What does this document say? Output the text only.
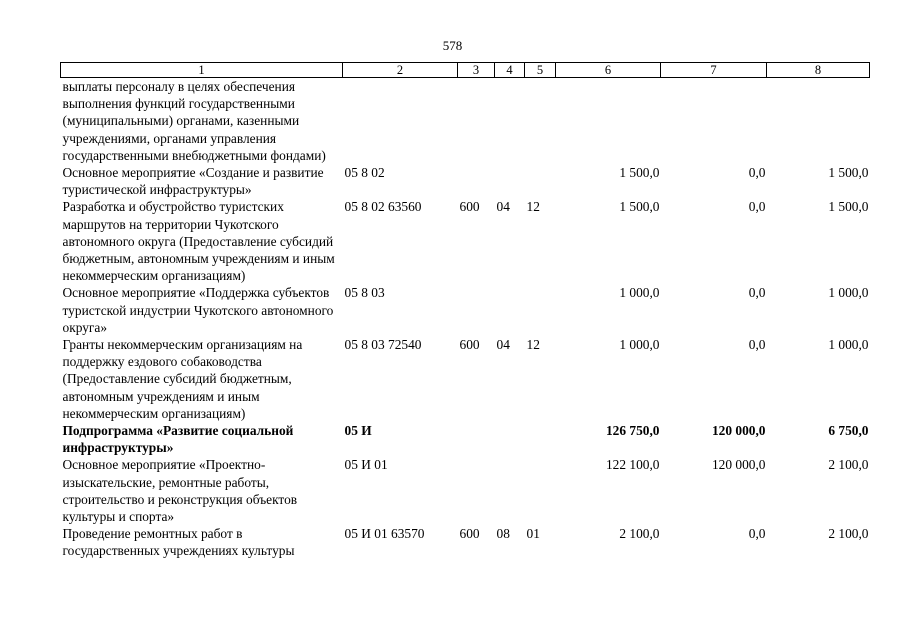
578
1	2	3	4	5	6	7	8
выплаты персоналу в целях обеспечения выполнения функций государственными (муниципальными) органами, казенными учреждениями, органами управления государственными внебюджетными фондами)							
Основное мероприятие «Создание и развитие туристической инфраструктуры»	05 8 02				1 500,0	0,0	1 500,0
Разработка и обустройство туристских маршрутов на территории Чукотского автономного округа (Предоставление субсидий бюджетным, автономным учреждениям и иным некоммерческим организациям)	05 8 02 63560	600	04	12	1 500,0	0,0	1 500,0
Основное мероприятие «Поддержка субъектов туристской индустрии Чукотского автономного округа»	05 8 03				1 000,0	0,0	1 000,0
Гранты некоммерческим организациям на поддержку ездового собаководства (Предоставление субсидий бюджетным, автономным учреждениям и иным некоммерческим организациям)	05 8 03 72540	600	04	12	1 000,0	0,0	1 000,0
Подпрограмма «Развитие социальной инфраструктуры»	05 И				126 750,0	120 000,0	6 750,0
Основное мероприятие «Проектно-изыскательские, ремонтные работы, строительство и реконструкция объектов культуры и спорта»	05 И 01				122 100,0	120 000,0	2 100,0
Проведение ремонтных работ в государственных учреждениях культуры	05 И 01 63570	600	08	01	2 100,0	0,0	2 100,0
